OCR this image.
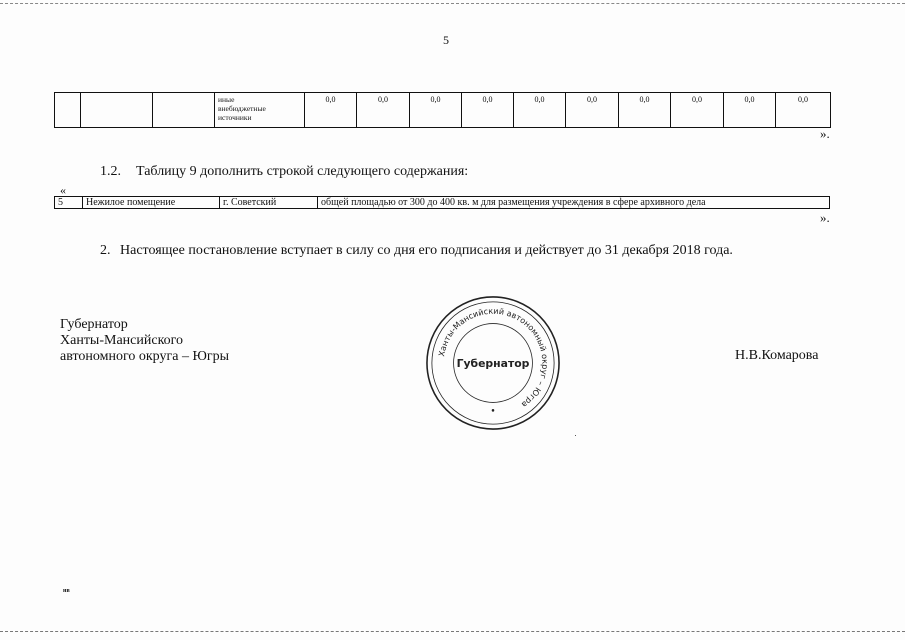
5

иные
внебюджетные
источники
	0,0	0,0	0,0	0,0	0,0	0,0	0,0	0,0	0,0	0,0
».
1.2. Таблицу 9 дополнить строкой следующего содержания:
«
5	Нежилое помещение	г. Советский	общей площадью от 300 до 400 кв. м для размещения учреждения в сфере архивного дела
».
2. Настоящее постановление вступает в силу со дня его подписания и действует до 31 декабря 2018 года.
Губернатор
Ханты-Мансийского
автономного округа – Югры	Н.В.Комарова
Ханты-Мансийский автономный округ – Югра
Губернатор
нв
